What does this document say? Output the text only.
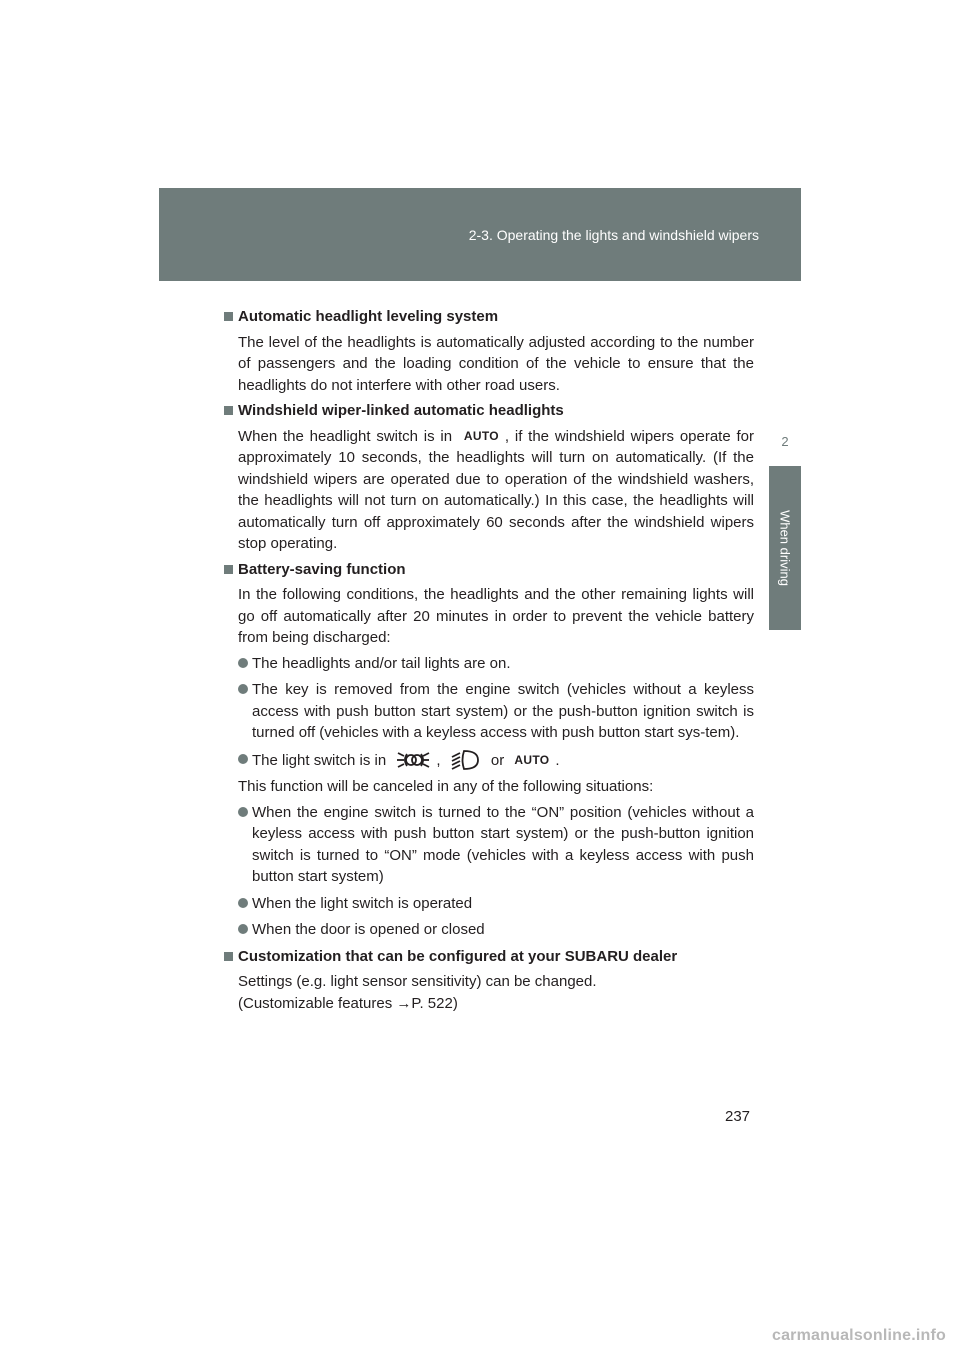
2-3. Operating the lights and windshield wipers
2
When driving
Automatic headlight leveling system

The level of the headlights is automatically adjusted according to the number of passengers and the loading condition of the vehicle to ensure that the headlights do not interfere with other road users.

Windshield wiper-linked automatic headlights

When the headlight switch is in AUTO , if the windshield wipers operate for approximately 10 seconds, the headlights will turn on automatically. (If the windshield wipers are operated due to operation of the windshield washers, the headlights will not turn on automatically.) In this case, the headlights will automatically turn off approximately 60 seconds after the windshield wipers stop operating.

Battery-saving function

In the following conditions, the headlights and the other remaining lights will go off automatically after 20 minutes in order to prevent the vehicle battery from being discharged:

The headlights and/or tail lights are on.
The key is removed from the engine switch (vehicles without a keyless access with push button start system) or the push-button ignition switch is turned off (vehicles with a keyless access with push button start sys-tem).
The light switch is in	,	or AUTO .

This function will be canceled in any of the following situations:

When the engine switch is turned to the “ON” position (vehicles without a keyless access with push button start system) or the push-button ignition switch is turned to “ON” mode (vehicles with a keyless access with push button start system)
When the light switch is operated
When the door is opened or closed
Customization that can be configured at your SUBARU dealer

Settings (e.g. light sensor sensitivity) can be changed.

(Customizable features →P. 522)

237
carmanualsonline.info
